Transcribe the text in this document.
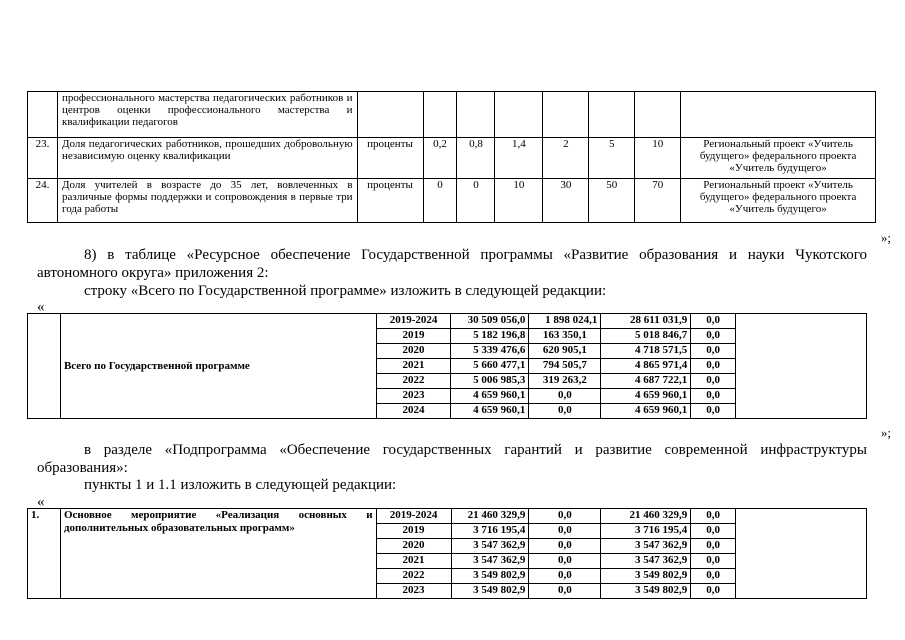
	профессионального мастерства педагогических работников и центров оценки профессионального мастерства и квалификации педагогов								
23.	Доля педагогических работников, прошедших добровольную независимую оценку квалификации	проценты	0,2	0,8	1,4	2	5	10	Региональный проект «Учитель будущего» федерального проекта «Учитель будущего»
24.	Доля учителей в возрасте до 35 лет, вовлеченных в различные формы поддержки и сопровождения в первые три года работы	проценты	0	0	10	30	50	70	Региональный проект «Учитель будущего» федерального проекта «Учитель будущего»
»;

8) в таблице «Ресурсное обеспечение Государственной программы «Развитие образования и науки Чукотского автономного округа» приложения 2:

строку «Всего по Государственной программе» изложить в следующей редакции:

«
	Всего по Государственной программе	2019-2024	30 509 056,0	1 898 024,1	28 611 031,9	0,0	
		2019	5 182 196,8	163 350,1	5 018 846,7	0,0	
		2020	5 339 476,6	620 905,1	4 718 571,5	0,0	
		2021	5 660 477,1	794 505,7	4 865 971,4	0,0	
		2022	5 006 985,3	319 263,2	4 687 722,1	0,0	
		2023	4 659 960,1	0,0	4 659 960,1	0,0	
		2024	4 659 960,1	0,0	4 659 960,1	0,0	
»;

в разделе «Подпрограмма «Обеспечение государственных гарантий и развитие современной инфраструктуры образования»:

пункты 1 и 1.1 изложить в следующей редакции:

«
1.	Основное мероприятие «Реализация основных и дополнительных образовательных программ»	2019-2024	21 460 329,9	0,0	21 460 329,9	0,0	
		2019	3 716 195,4	0,0	3 716 195,4	0,0	
		2020	3 547 362,9	0,0	3 547 362,9	0,0	
		2021	3 547 362,9	0,0	3 547 362,9	0,0	
		2022	3 549 802,9	0,0	3 549 802,9	0,0	
		2023	3 549 802,9	0,0	3 549 802,9	0,0	
